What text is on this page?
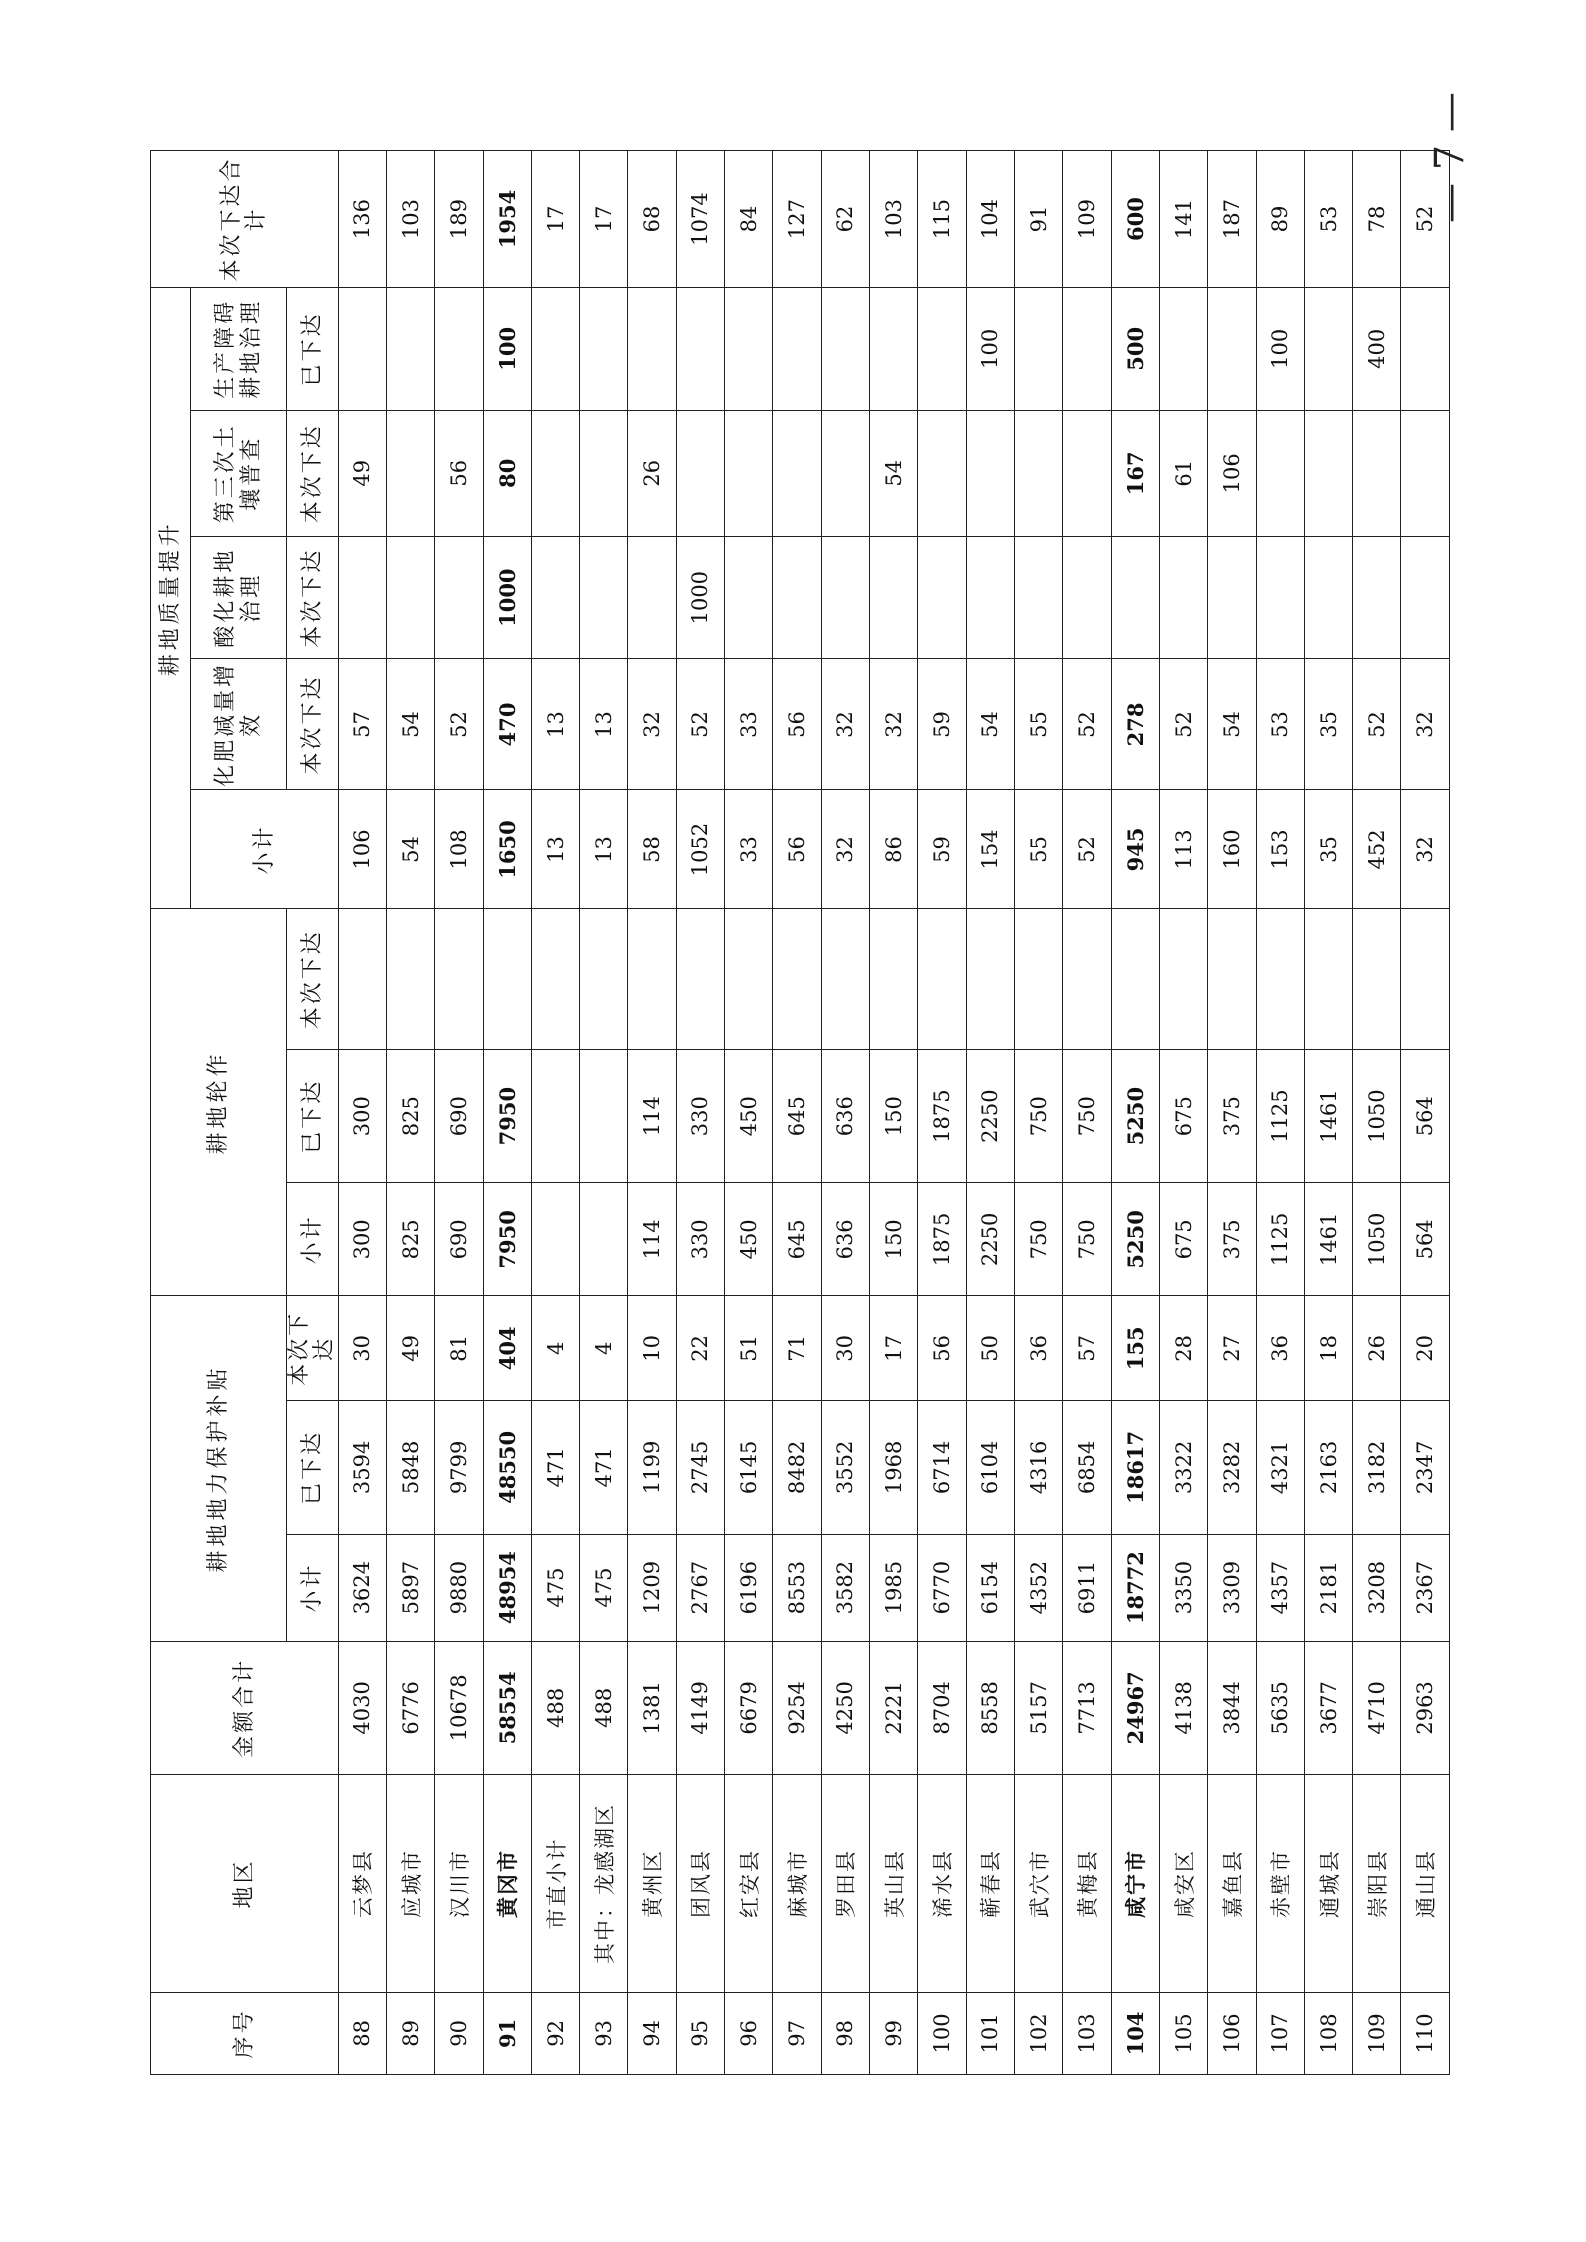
— 7 —
序号	地区	金额合计	耕地地力保护补贴			耕地轮作			耕地质量提升					本次下达合计
									小计	化肥减量增效	酸化耕地治理	第三次土壤普查	生产障碍耕地治理	
			小计	已下达	本次下达	小计	已下达	本次下达		本次下达	本次下达	本次下达	已下达	
88	云梦县	4030	3624	3594	30	300	300		106	57		49		136
89	应城市	6776	5897	5848	49	825	825		54	54				103
90	汉川市	10678	9880	9799	81	690	690		108	52		56		189
91	黄冈市	58554	48954	48550	404	7950	7950		1650	470	1000	80	100	1954
92	市直小计	488	475	471	4				13	13				17
93	其中：龙感湖区	488	475	471	4				13	13				17
94	黄州区	1381	1209	1199	10	114	114		58	32		26		68
95	团风县	4149	2767	2745	22	330	330		1052	52	1000			1074
96	红安县	6679	6196	6145	51	450	450		33	33				84
97	麻城市	9254	8553	8482	71	645	645		56	56				127
98	罗田县	4250	3582	3552	30	636	636		32	32				62
99	英山县	2221	1985	1968	17	150	150		86	32		54		103
100	浠水县	8704	6770	6714	56	1875	1875		59	59				115
101	蕲春县	8558	6154	6104	50	2250	2250		154	54			100	104
102	武穴市	5157	4352	4316	36	750	750		55	55				91
103	黄梅县	7713	6911	6854	57	750	750		52	52				109
104	咸宁市	24967	18772	18617	155	5250	5250		945	278		167	500	600
105	咸安区	4138	3350	3322	28	675	675		113	52		61		141
106	嘉鱼县	3844	3309	3282	27	375	375		160	54		106		187
107	赤壁市	5635	4357	4321	36	1125	1125		153	53			100	89
108	通城县	3677	2181	2163	18	1461	1461		35	35				53
109	崇阳县	4710	3208	3182	26	1050	1050		452	52			400	78
110	通山县	2963	2367	2347	20	564	564		32	32				52
